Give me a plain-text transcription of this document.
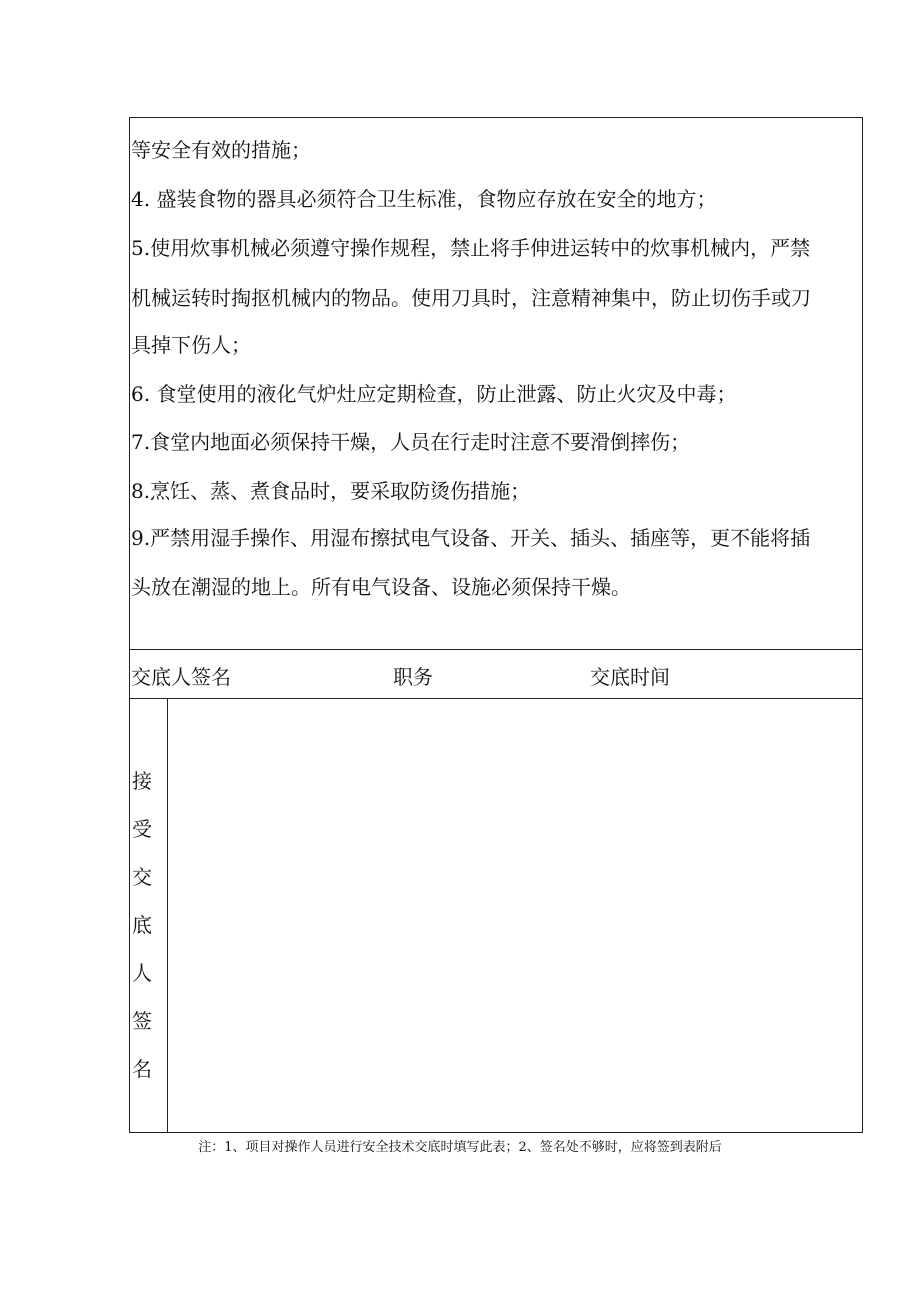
等安全有效的措施；

4. 盛装食物的器具必须符合卫生标准，食物应存放在安全的地方；

5.使用炊事机械必须遵守操作规程，禁止将手伸进运转中的炊事机械内，严禁

机械运转时掏抠机械内的物品。使用刀具时，注意精神集中，防止切伤手或刀

具掉下伤人；

6. 食堂使用的液化气炉灶应定期检查，防止泄露、防止火灾及中毒；

7.食堂内地面必须保持干燥，人员在行走时注意不要滑倒摔伤；

8.烹饪、蒸、煮食品时，要采取防烫伤措施；

9.严禁用湿手操作、用湿布擦拭电气设备、开关、插头、插座等，更不能将插

头放在潮湿的地上。所有电气设备、设施必须保持干燥。

交底人签名	职务	交底时间
接
受
交
底
人
签
名
注：1、项目对操作人员进行安全技术交底时填写此表；2、签名处不够时，应将签到表附后
